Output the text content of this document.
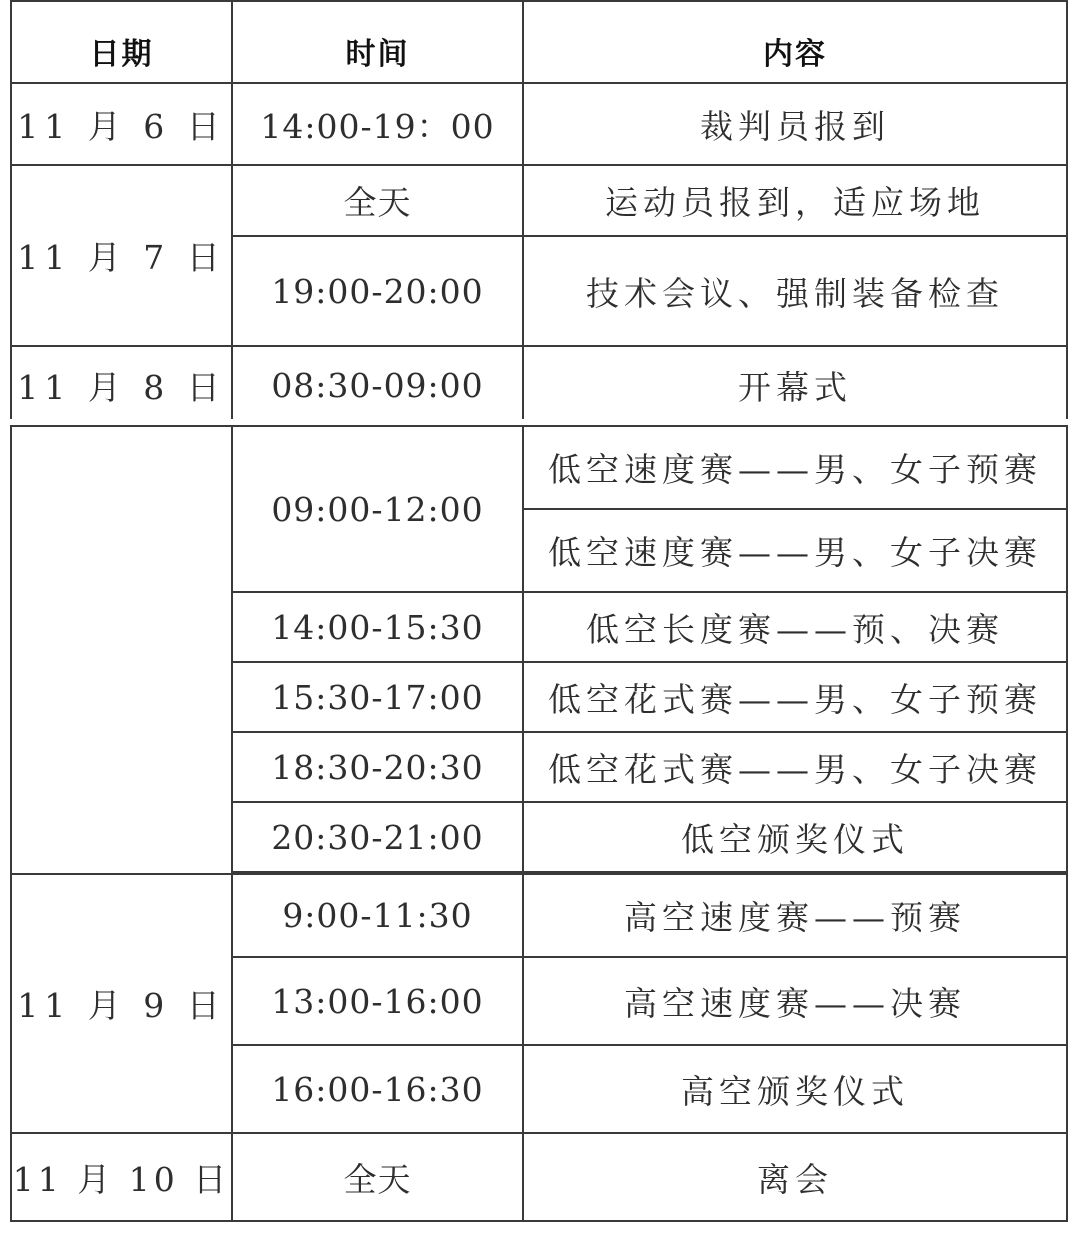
日期	时间	内容
11 月 6 日	14:00-19：00	裁判员报到
11 月 7 日	全天	运动员报到，适应场地
	19:00-20:00	技术会议、强制装备检查
11 月 8 日	08:30-09:00	开幕式
	09:00-12:00	低空速度赛——男、女子预赛
		低空速度赛——男、女子决赛
	14:00-15:30	低空长度赛——预、决赛
	15:30-17:00	低空花式赛——男、女子预赛
	18:30-20:30	低空花式赛——男、女子决赛
	20:30-21:00	低空颁奖仪式

11 月 9 日	9:00-11:30	高空速度赛——预赛
	13:00-16:00	高空速度赛——决赛
	16:00-16:30	高空颁奖仪式
11 月 10 日	全天	离会
